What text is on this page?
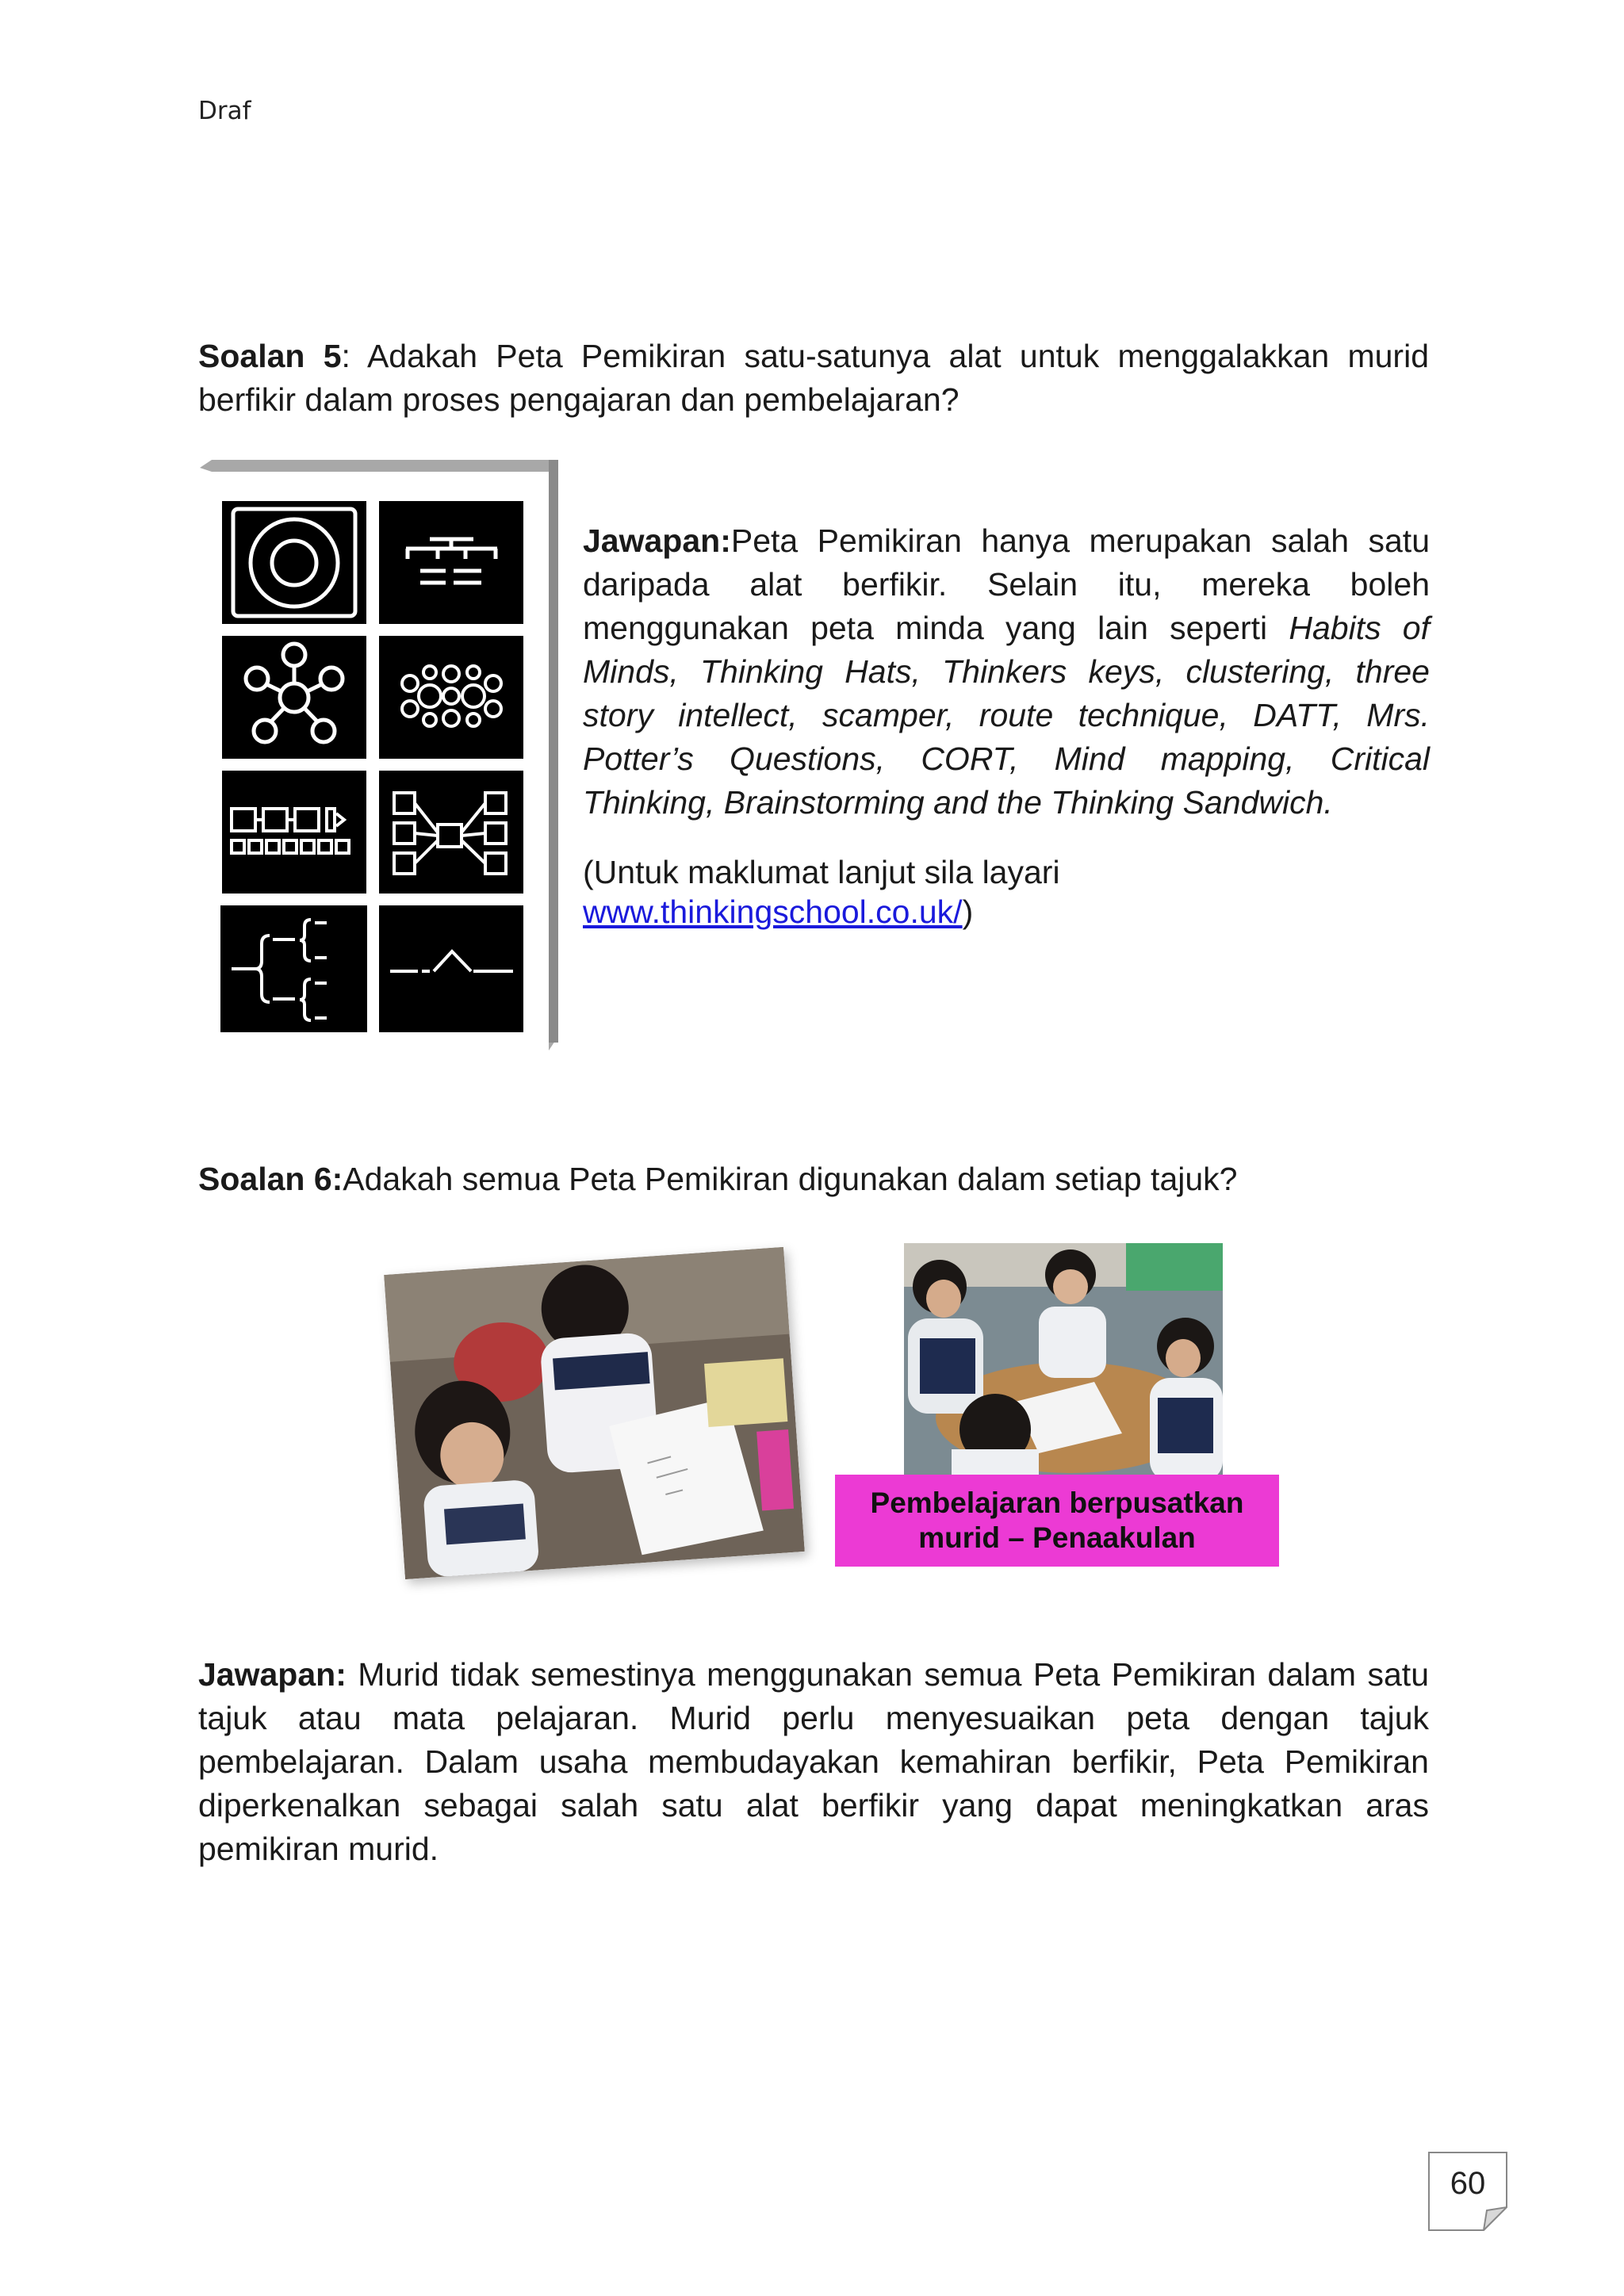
Draf
Soalan 5: Adakah Peta Pemikiran satu-satunya alat untuk menggalakkan murid berfikir dalam proses pengajaran dan pembelajaran?
Jawapan:Peta Pemikiran hanya merupakan salah satu daripada alat berfikir. Selain itu, mereka boleh menggunakan peta minda yang lain seperti Habits of Minds, Thinking Hats, Thinkers keys, clustering, three story intellect, scamper, route technique, DATT, Mrs. Potter’s Questions, CORT, Mind mapping, Critical Thinking, Brainstorming and the Thinking Sandwich.
(Untuk maklumat lanjut sila layari
www.thinkingschool.co.uk/)
Soalan 6:Adakah semua Peta Pemikiran digunakan dalam setiap tajuk?
Pembelajaran berpusatkan
murid – Penaakulan
Jawapan: Murid tidak semestinya menggunakan semua Peta Pemikiran dalam satu tajuk atau mata pelajaran. Murid perlu menyesuaikan peta dengan tajuk pembelajaran. Dalam usaha membudayakan kemahiran berfikir, Peta Pemikiran diperkenalkan sebagai salah satu alat berfikir yang dapat meningkatkan aras pemikiran murid.
60
